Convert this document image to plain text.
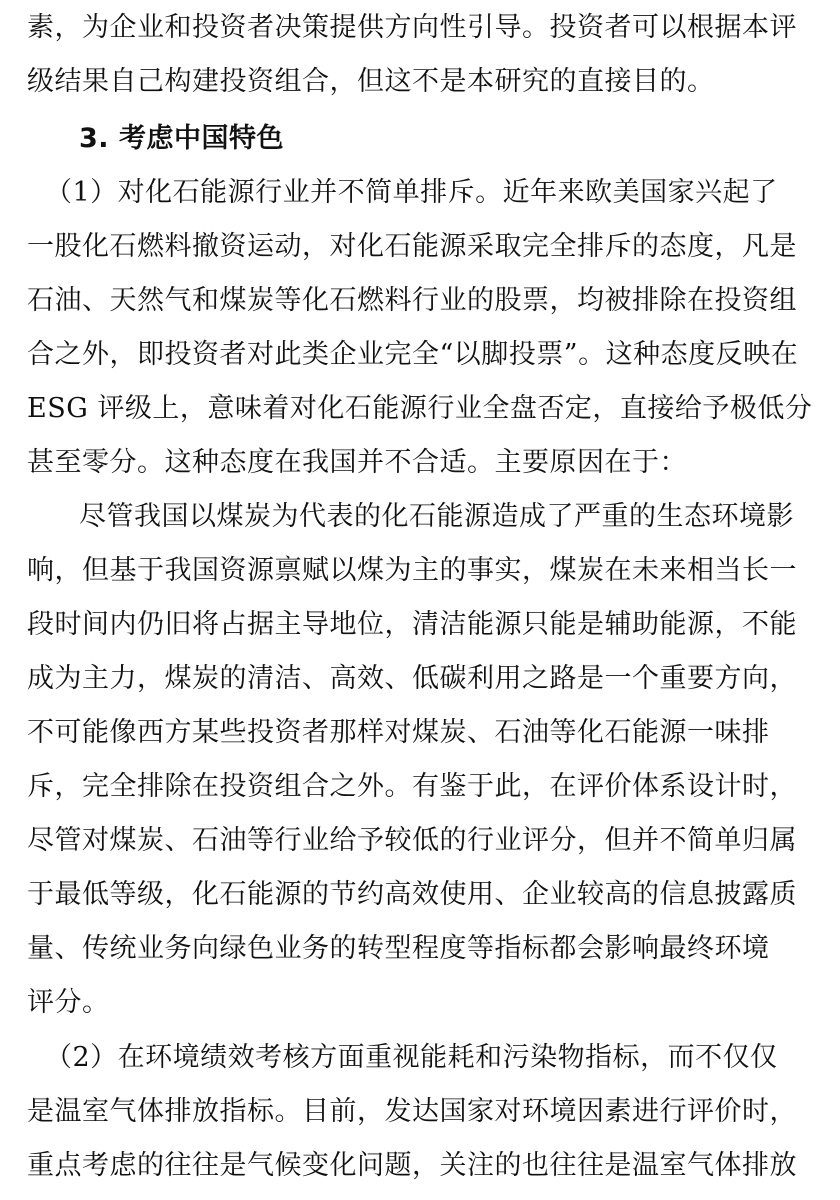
素，为企业和投资者决策提供方向性引导。投资者可以根据本评
级结果自己构建投资组合，但这不是本研究的直接目的。
3. 考虑中国特色
（1）对化石能源行业并不简单排斥。近年来欧美国家兴起了
一股化石燃料撤资运动，对化石能源采取完全排斥的态度，凡是
石油、天然气和煤炭等化石燃料行业的股票，均被排除在投资组
合之外，即投资者对此类企业完全“以脚投票”。这种态度反映在
ESG 评级上，意味着对化石能源行业全盘否定，直接给予极低分
甚至零分。这种态度在我国并不合适。主要原因在于：
尽管我国以煤炭为代表的化石能源造成了严重的生态环境影
响，但基于我国资源禀赋以煤为主的事实，煤炭在未来相当长一
段时间内仍旧将占据主导地位，清洁能源只能是辅助能源，不能
成为主力，煤炭的清洁、高效、低碳利用之路是一个重要方向，
不可能像西方某些投资者那样对煤炭、石油等化石能源一味排
斥，完全排除在投资组合之外。有鉴于此，在评价体系设计时，
尽管对煤炭、石油等行业给予较低的行业评分，但并不简单归属
于最低等级，化石能源的节约高效使用、企业较高的信息披露质
量、传统业务向绿色业务的转型程度等指标都会影响最终环境
评分。
（2）在环境绩效考核方面重视能耗和污染物指标，而不仅仅
是温室气体排放指标。目前，发达国家对环境因素进行评价时，
重点考虑的往往是气候变化问题，关注的也往往是温室气体排放
